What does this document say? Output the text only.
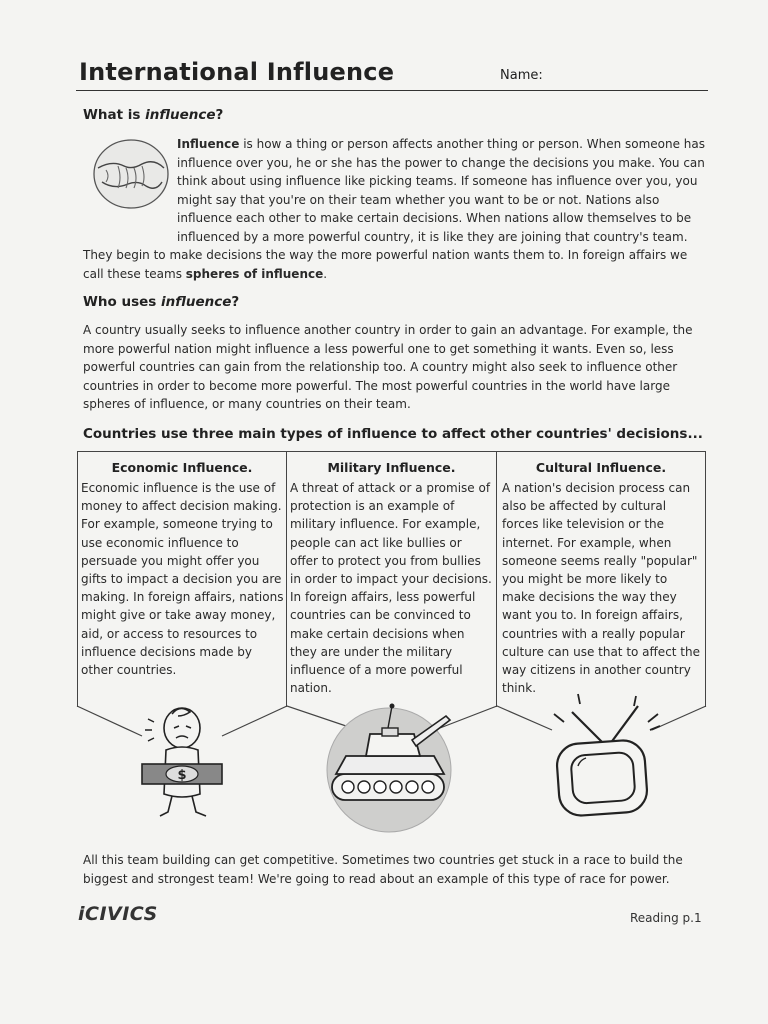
International Influence	Name:
What is influence?
Influence is how a thing or person affects another thing or person. When someone has influence over you, he or she has the power to change the decisions you make. You can think about using influence like picking teams. If someone has influence over you, you might say that you're on their team whether you want to be or not. Nations also influence each other to make certain decisions. When nations allow themselves to be influenced by a more powerful country, it is like they are joining that country's team.
They begin to make decisions the way the more powerful nation wants them to. In foreign affairs we call these teams spheres of influence.
Who uses influence?
A country usually seeks to influence another country in order to gain an advantage. For example, the more powerful nation might influence a less powerful one to get something it wants. Even so, less powerful countries can gain from the relationship too. A country might also seek to influence other countries in order to become more powerful. The most powerful countries in the world have large spheres of influence, or many countries on their team.
Countries use three main types of influence to affect other countries' decisions...
Economic Influence.
Economic influence is the use of money to affect decision making. For example, someone trying to use economic influence to persuade you might offer you gifts to impact a decision you are making. In foreign affairs, nations might give or take away money, aid, or access to resources to influence decisions made by other countries.
Military Influence.
A threat of attack or a promise of protection is an example of military influence. For example, people can act like bullies or offer to protect you from bullies in order to impact your decisions. In foreign affairs, less powerful countries can be convinced to make certain decisions when they are under the military influence of a more powerful nation.
Cultural Influence.
A nation's decision process can also be affected by cultural forces like television or the internet. For example, when someone seems really "popular" you might be more likely to make decisions the way they want you to. In foreign affairs, countries with a really popular culture can use that to affect the way citizens in another country think.
$
All this team building can get competitive. Sometimes two countries get stuck in a race to build the biggest and strongest team! We're going to read about an example of this type of race for power.
iCIVICS	Reading p.1
